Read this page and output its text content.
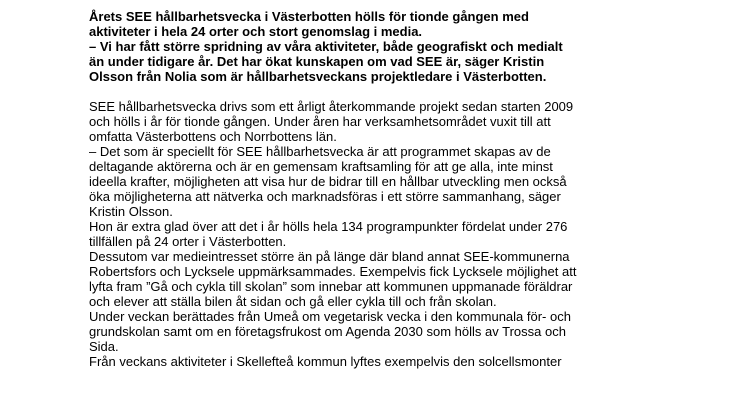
Årets SEE hållbarhetsvecka i Västerbotten hölls för tionde gången med
aktiviteter i hela 24 orter och stort genomslag i media.
– Vi har fått större spridning av våra aktiviteter, både geografiskt och medialt
än under tidigare år. Det har ökat kunskapen om vad SEE är, säger Kristin
Olsson från Nolia som är hållbarhetsveckans projektledare i Västerbotten.
SEE hållbarhetsvecka drivs som ett årligt återkommande projekt sedan starten 2009
och hölls i år för tionde gången. Under åren har verksamhetsområdet vuxit till att
omfatta Västerbottens och Norrbottens län.
– Det som är speciellt för SEE hållbarhetsvecka är att programmet skapas av de
deltagande aktörerna och är en gemensam kraftsamling för att ge alla, inte minst
ideella krafter, möjligheten att visa hur de bidrar till en hållbar utveckling men också
öka möjligheterna att nätverka och marknadsföras i ett större sammanhang, säger
Kristin Olsson.
Hon är extra glad över att det i år hölls hela 134 programpunkter fördelat under 276
tillfällen på 24 orter i Västerbotten.
Dessutom var medieintresset större än på länge där bland annat SEE-kommunerna
Robertsfors och Lycksele uppmärksammades. Exempelvis fick Lycksele möjlighet att
lyfta fram ”Gå och cykla till skolan” som innebar att kommunen uppmanade föräldrar
och elever att ställa bilen åt sidan och gå eller cykla till och från skolan.
Under veckan berättades från Umeå om vegetarisk vecka i den kommunala för- och
grundskolan samt om en företagsfrukost om Agenda 2030 som hölls av Trossa och
Sida.
Från veckans aktiviteter i Skellefteå kommun lyftes exempelvis den solcellsmonter
